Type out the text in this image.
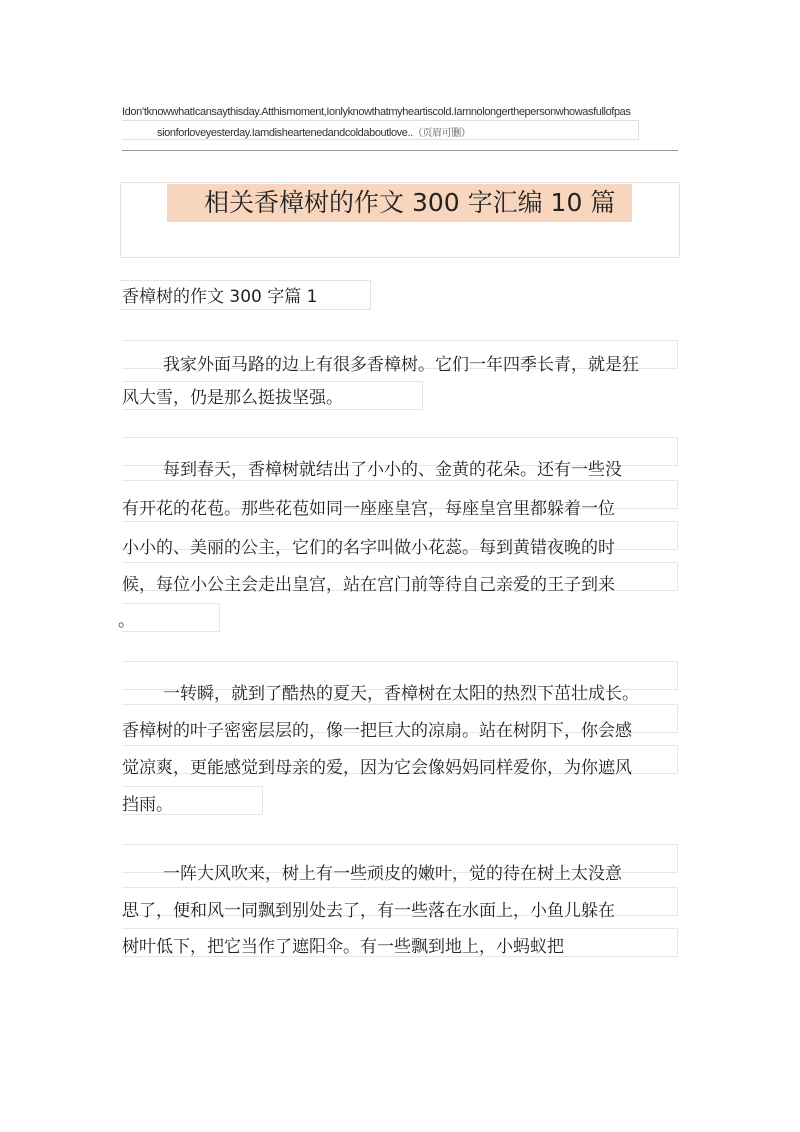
Idon’tknowwhatIcansaythisday.Atthismoment,Ionlyknowthatmyheartiscold.Iamnolongerthepersonwhowasfullofpas
sionforloveyesterday.Iamdisheartenedandcoldaboutlove..（页眉可删）
相关香樟树的作文 300 字汇编 10 篇
香樟树的作文 300 字篇 1
我家外面马路的边上有很多香樟树。它们一年四季长青，就是狂
风大雪，仍是那么挺拔坚强。
每到春天，香樟树就结出了小小的、金黄的花朵。还有一些没
有开花的花苞。那些花苞如同一座座皇宫，每座皇宫里都躲着一位
小小的、美丽的公主，它们的名字叫做小花蕊。每到黄错夜晚的时
候，每位小公主会走出皇宫，站在宫门前等待自己亲爱的王子到来
。
一转瞬，就到了酷热的夏天，香樟树在太阳的热烈下茁壮成长。
香樟树的叶子密密层层的，像一把巨大的凉扇。站在树阴下，你会感
觉凉爽，更能感觉到母亲的爱，因为它会像妈妈同样爱你，为你遮风
挡雨。
一阵大风吹来，树上有一些顽皮的嫩叶，觉的待在树上太没意
思了，便和风一同飘到别处去了，有一些落在水面上，小鱼儿躲在
树叶低下，把它当作了遮阳伞。有一些飘到地上，小蚂蚁把
